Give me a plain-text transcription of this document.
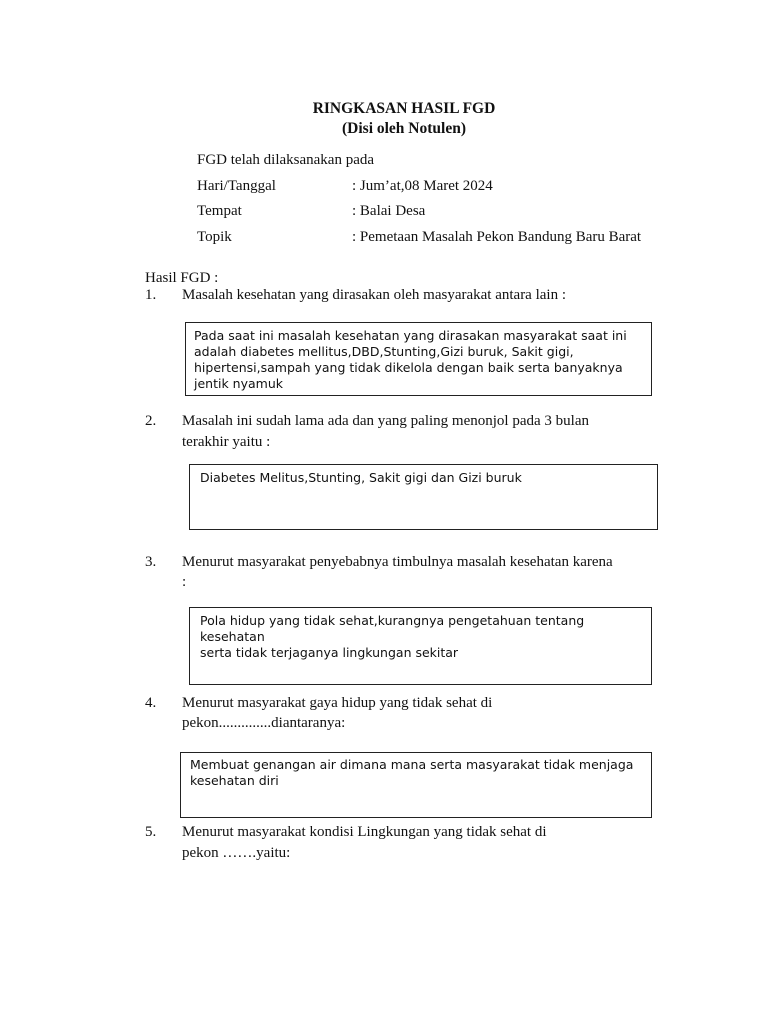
RINGKASAN HASIL FGD
(Disi oleh Notulen)
FGD telah dilaksanakan pada
Hari/Tanggal	: Jum’at,08 Maret 2024
Tempat	: Balai Desa
Topik	: Pemetaan Masalah Pekon Bandung Baru Barat
Hasil FGD :
1. Masalah kesehatan yang dirasakan oleh masyarakat antara lain :

Pada saat ini masalah kesehatan yang dirasakan masyarakat saat ini

adalah diabetes mellitus,DBD,Stunting,Gizi buruk, Sakit gigi,

hipertensi,sampah yang tidak dikelola dengan baik serta banyaknya

jentik nyamuk

2. Masalah ini sudah lama ada dan yang paling menonjol pada 3 bulan
terakhir yaitu :

Diabetes Melitus,Stunting, Sakit gigi dan Gizi buruk

3. Menurut masyarakat penyebabnya timbulnya masalah kesehatan karena
:

Pola hidup yang tidak sehat,kurangnya pengetahuan tentang kesehatan

serta tidak terjaganya lingkungan sekitar

4. Menurut masyarakat gaya hidup yang tidak sehat di
pekon..............diantaranya:

Membuat genangan air dimana mana serta masyarakat tidak menjaga

kesehatan diri

5. Menurut masyarakat kondisi Lingkungan yang tidak sehat di
pekon …….yaitu:
